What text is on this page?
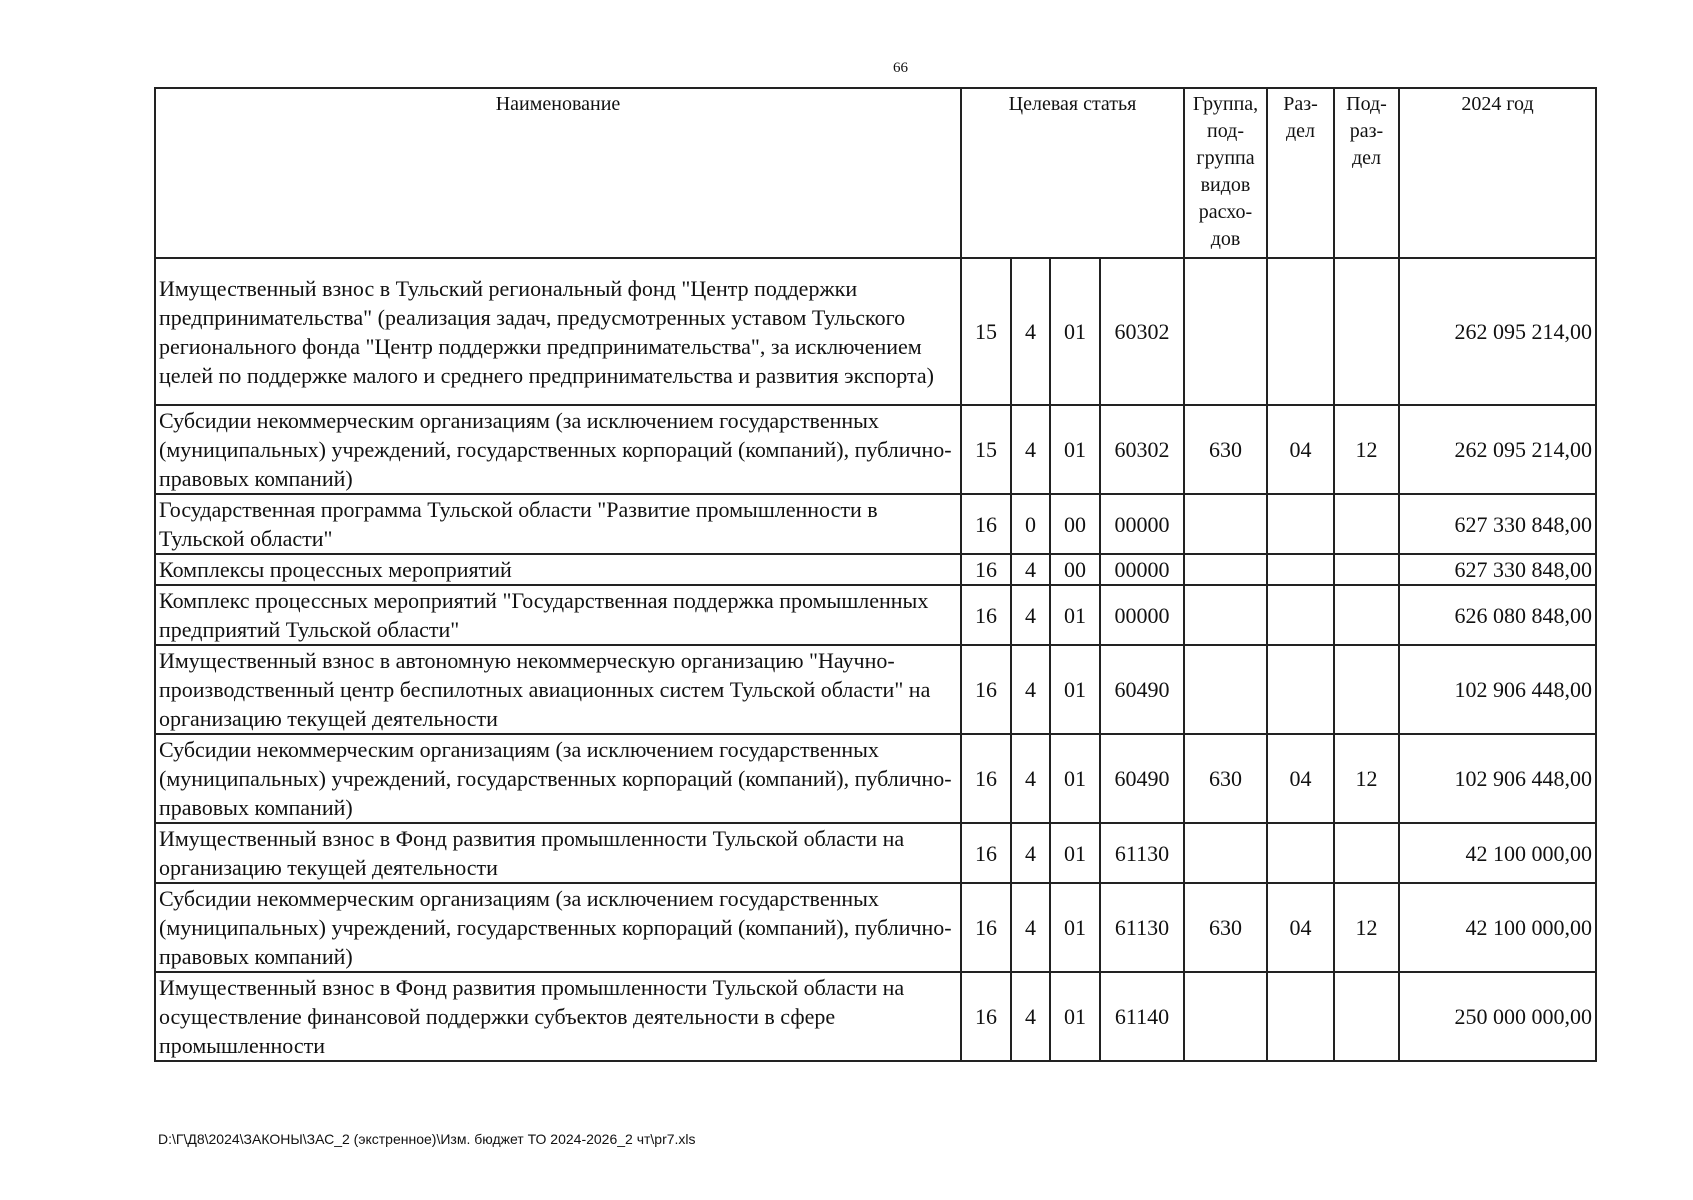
66
Наименование	Целевая статья				Группа, под- группа видов расхо- дов	Раз- дел	Под- раз- дел	2024 год
Имущественный взнос в Тульский региональный фонд "Центр поддержки предпринимательства" (реализация задач, предусмотренных уставом Тульского регионального фонда "Центр поддержки предпринимательства", за исключением целей по поддержке малого и среднего предпринимательства и развития экспорта)	15	4	01	60302				262 095 214,00
Субсидии некоммерческим организациям (за исключением государственных (муниципальных) учреждений, государственных корпораций (компаний), публично-правовых компаний)	15	4	01	60302	630	04	12	262 095 214,00
Государственная программа Тульской области "Развитие промышленности в Тульской области"	16	0	00	00000				627 330 848,00
Комплексы процессных мероприятий	16	4	00	00000				627 330 848,00
Комплекс процессных мероприятий "Государственная поддержка промышленных предприятий Тульской области"	16	4	01	00000				626 080 848,00
Имущественный взнос в автономную некоммерческую организацию "Научно-производственный центр беспилотных авиационных систем Тульской области" на организацию текущей деятельности	16	4	01	60490				102 906 448,00
Субсидии некоммерческим организациям (за исключением государственных (муниципальных) учреждений, государственных корпораций (компаний), публично-правовых компаний)	16	4	01	60490	630	04	12	102 906 448,00
Имущественный взнос в Фонд развития промышленности Тульской области на организацию текущей деятельности	16	4	01	61130				42 100 000,00
Субсидии некоммерческим организациям (за исключением государственных (муниципальных) учреждений, государственных корпораций (компаний), публично-правовых компаний)	16	4	01	61130	630	04	12	42 100 000,00
Имущественный взнос в Фонд развития промышленности Тульской области на осуществление финансовой поддержки субъектов деятельности в сфере промышленности	16	4	01	61140				250 000 000,00
D:\Г\Д8\2024\ЗАКОНЫ\ЗАС_2 (экстренное)\Изм. бюджет ТО 2024-2026_2 чт\pr7.xls
